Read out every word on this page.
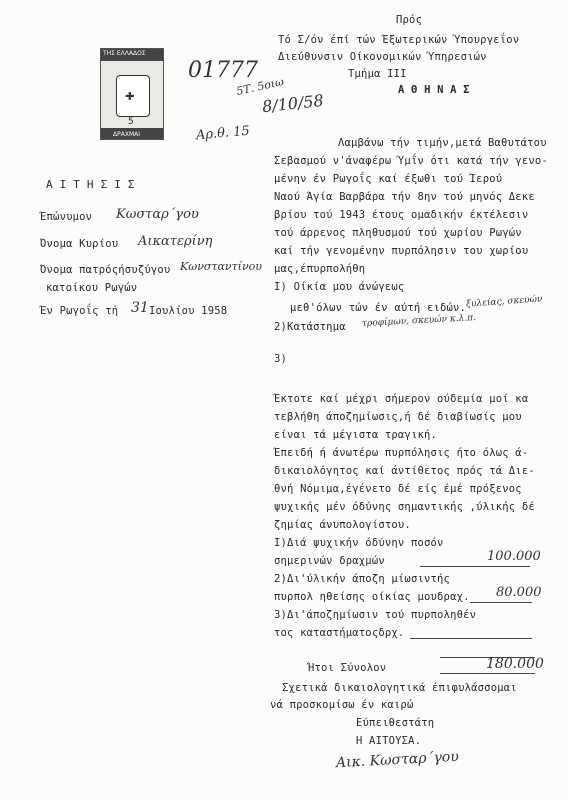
Πρός
Τό Σ/όν έπί τών Έξωτερικών Ύπουργεΐον
Διεύθυνσιν Οίκονομικών Ύπηρεσιών
Τμήμα ΙΙΙ
Α Θ Η Ν Α Σ
ΤΗΣ ΕΛΛΑΔΟΣ
✚
5
ΔΡΑΧΜΑΙ
01777
5Τ. 5οιω
8/10/58
Αρ.θ. 15
Α Ι Τ Η Σ Ι Σ
Έπώνυμον Κωσταρ΄γου
Όνομα Κυρίου Αικατερίνη
Όνομα πατρόςήσυζύγου Κωνσταντίνου
κατοίκου Ρωγών
Έν Ρωγοΐς τή 31 Ιουλίου 1958
Λαμβάνω τήν τιμήν,μετά Βαθυτάτου
Σεβασμού ν'άναφέρω Ύμΐν ότι κατά τήν γενο-
μένην έν Ρωγοΐς καί έξωθι τού Ίερού
Ναού Άγία Βαρβάρα τήν 8ην τού μηνός Δεκε
βρίου τού 1943 έτους ομαδικήν έκτέλεσιν
τού άρρενος πληθυσμού τού χωρίου Ρωγών
καί τήν γενομένην πυρπόλησιν του χωρίου
μας,έπυρπολήθη
Ι) Οίκία μου άνώγεως
μεθ'όλων τών έν αύτή ειδών. ξυλείας, σκευών
2)Κατάστημα τροφίμων, σκευών κ.λ.π.
3)
Έκτοτε καί μέχρι σήμερον ούδεμία μοί κα
τεβλήθη άποζημίωσις,ή δέ διαβίωσίς μου
είναι τά μέγιστα τραγική.
Έπειδή ή άνωτέρω πυρπόλησις ήτο όλως ά-
δικαιολόγητος καί άντίθετος πρός τά Διε-
θνή Νόμιμα,έγένετο δέ είς έμέ πρόξενος
ψυχικής μέν όδύνης σημαντικής ,ύλικής δέ
ζημίας άνυπολογίστου.
Ι)Διά ψυχικήν όδύνην ποσόν
σημερινών δραχμών	100.000
2)Δι'ύλικήν άποζη μίωσιντής
πυρπολ ηθείσης οίκίας μουδραχ. 80.000
3)Δι'άποζημίωσιν τού πυρποληθέν
τος καταστήματοςδρχ.
Ήτοι Σύνολον	180.000
Σχετικά δικαιολογητικά έπιφυλάσσομαι
νά προσκομίσω έν καιρώ
Εύπειθεστάτη
Η ΑΙΤΟΥΣΑ.
Αικ. Κωσταρ΄γου
